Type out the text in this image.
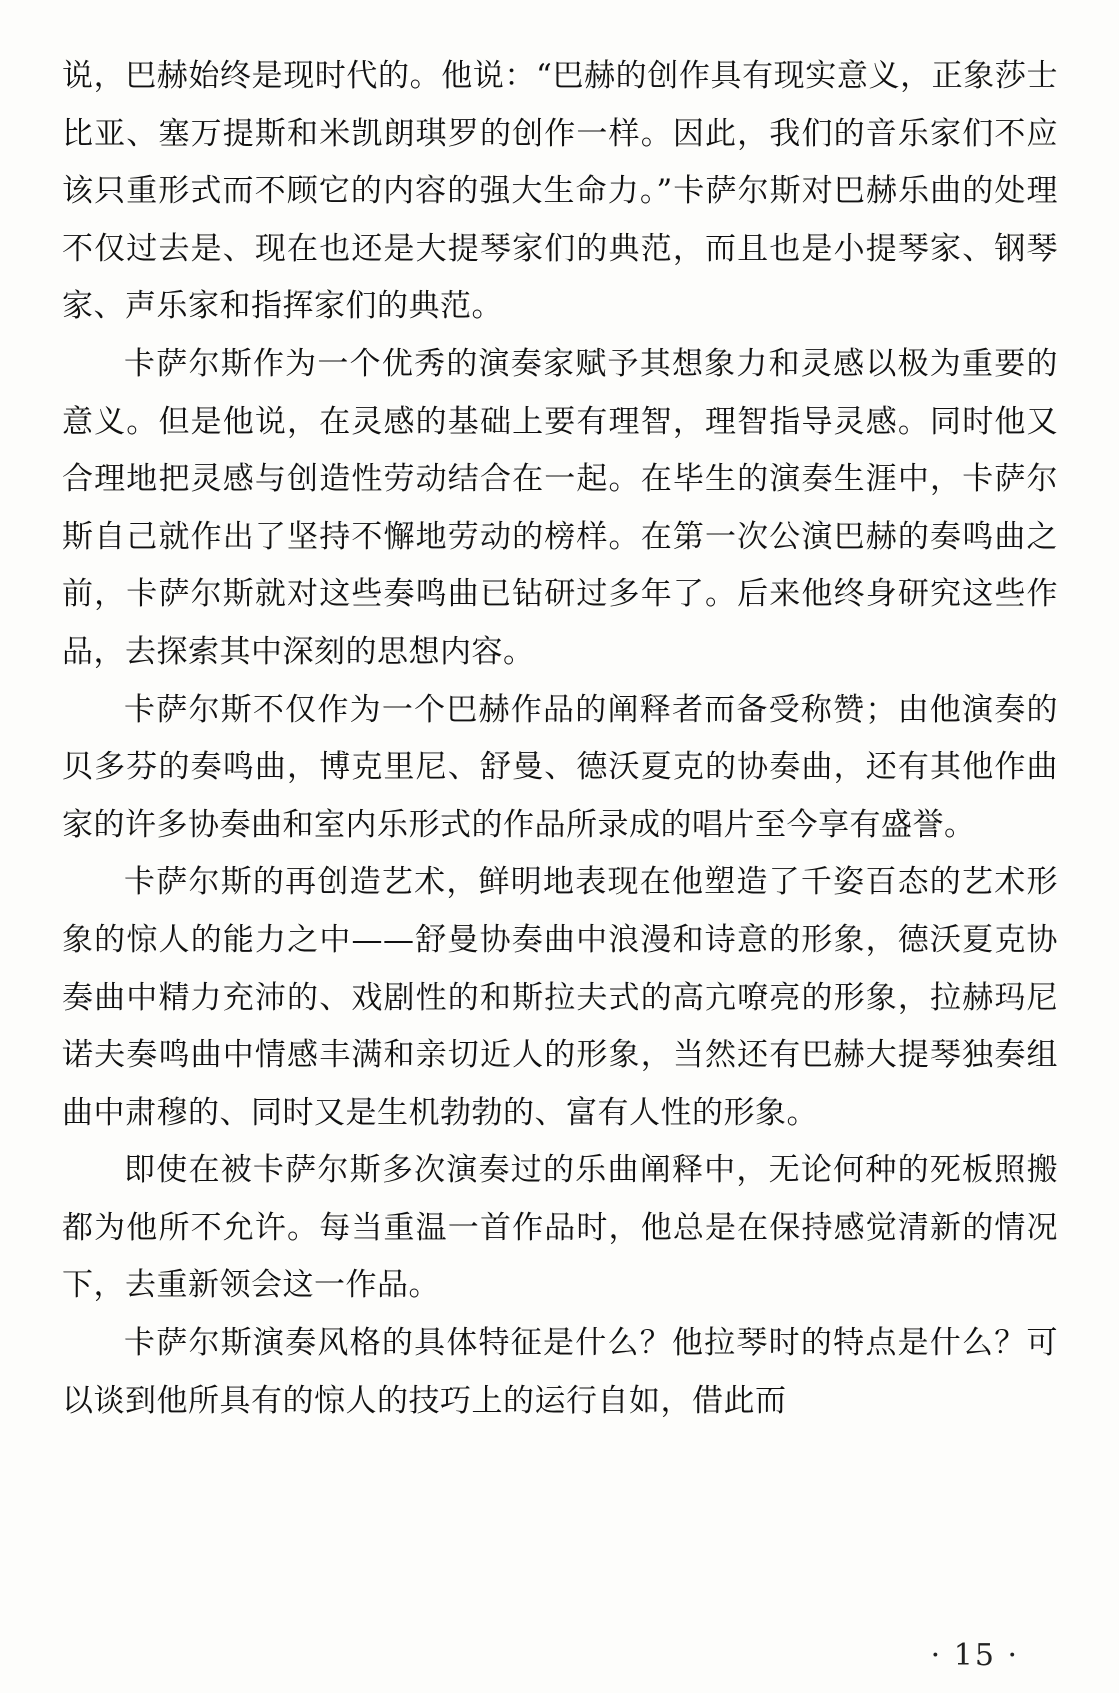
说，巴赫始终是现时代的。他说：“巴赫的创作具有现实意义，正象莎士比亚、塞万提斯和米凯朗琪罗的创作一样。因此，我们的音乐家们不应该只重形式而不顾它的内容的强大生命力。”卡萨尔斯对巴赫乐曲的处理不仅过去是、现在也还是大提琴家们的典范，而且也是小提琴家、钢琴家、声乐家和指挥家们的典范。

卡萨尔斯作为一个优秀的演奏家赋予其想象力和灵感以极为重要的意义。但是他说，在灵感的基础上要有理智，理智指导灵感。同时他又合理地把灵感与创造性劳动结合在一起。在毕生的演奏生涯中，卡萨尔斯自己就作出了坚持不懈地劳动的榜样。在第一次公演巴赫的奏鸣曲之前，卡萨尔斯就对这些奏鸣曲已钻研过多年了。后来他终身研究这些作品，去探索其中深刻的思想内容。

卡萨尔斯不仅作为一个巴赫作品的阐释者而备受称赞；由他演奏的贝多芬的奏鸣曲，博克里尼、舒曼、德沃夏克的协奏曲，还有其他作曲家的许多协奏曲和室内乐形式的作品所录成的唱片至今享有盛誉。

卡萨尔斯的再创造艺术，鲜明地表现在他塑造了千姿百态的艺术形象的惊人的能力之中——舒曼协奏曲中浪漫和诗意的形象，德沃夏克协奏曲中精力充沛的、戏剧性的和斯拉夫式的高亢嘹亮的形象，拉赫玛尼诺夫奏鸣曲中情感丰满和亲切近人的形象，当然还有巴赫大提琴独奏组曲中肃穆的、同时又是生机勃勃的、富有人性的形象。

即使在被卡萨尔斯多次演奏过的乐曲阐释中，无论何种的死板照搬都为他所不允许。每当重温一首作品时，他总是在保持感觉清新的情况下，去重新领会这一作品。

卡萨尔斯演奏风格的具体特征是什么？他拉琴时的特点是什么？可以谈到他所具有的惊人的技巧上的运行自如，借此而

· 15 ·
